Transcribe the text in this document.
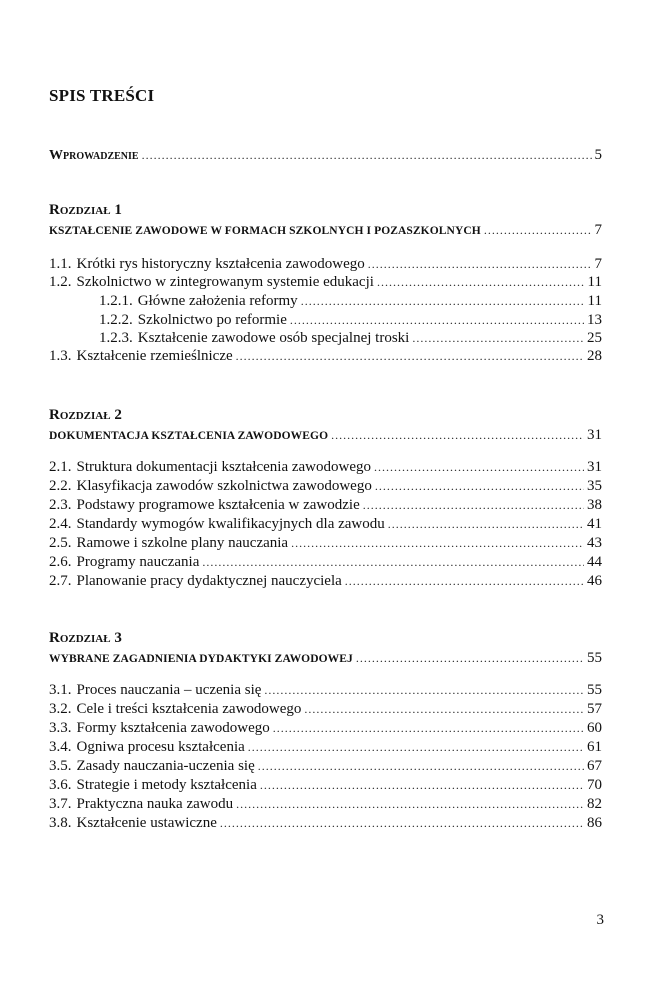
SPIS TREŚCI
Wprowadzenie .....	5
Rozdział 1
KSZTAŁCENIE ZAWODOWE W FORMACH SZKOLNYCH I POZASZKOLNYCH .....	7
1.1. Krótki rys historyczny kształcenia zawodowego .....	7
1.2. Szkolnictwo w zintegrowanym systemie edukacji .....	11
1.2.1. Główne założenia reformy .....	11
1.2.2. Szkolnictwo po reformie .....	13
1.2.3. Kształcenie zawodowe osób specjalnej troski .....	25
1.3. Kształcenie rzemieślnicze .....	28
Rozdział 2
DOKUMENTACJA KSZTAŁCENIA ZAWODOWEGO .....	31
2.1. Struktura dokumentacji kształcenia zawodowego .....	31
2.2. Klasyfikacja zawodów szkolnictwa zawodowego .....	35
2.3. Podstawy programowe kształcenia w zawodzie .....	38
2.4. Standardy wymogów kwalifikacyjnych dla zawodu .....	41
2.5. Ramowe i szkolne plany nauczania .....	43
2.6. Programy nauczania .....	44
2.7. Planowanie pracy dydaktycznej nauczyciela .....	46
Rozdział 3
WYBRANE ZAGADNIENIA DYDAKTYKI ZAWODOWEJ .....	55
3.1. Proces nauczania – uczenia się .....	55
3.2. Cele i treści kształcenia zawodowego .....	57
3.3. Formy kształcenia zawodowego .....	60
3.4. Ogniwa procesu kształcenia .....	61
3.5. Zasady nauczania-uczenia się .....	67
3.6. Strategie i metody kształcenia .....	70
3.7. Praktyczna nauka zawodu .....	82
3.8. Kształcenie ustawiczne .....	86
3
